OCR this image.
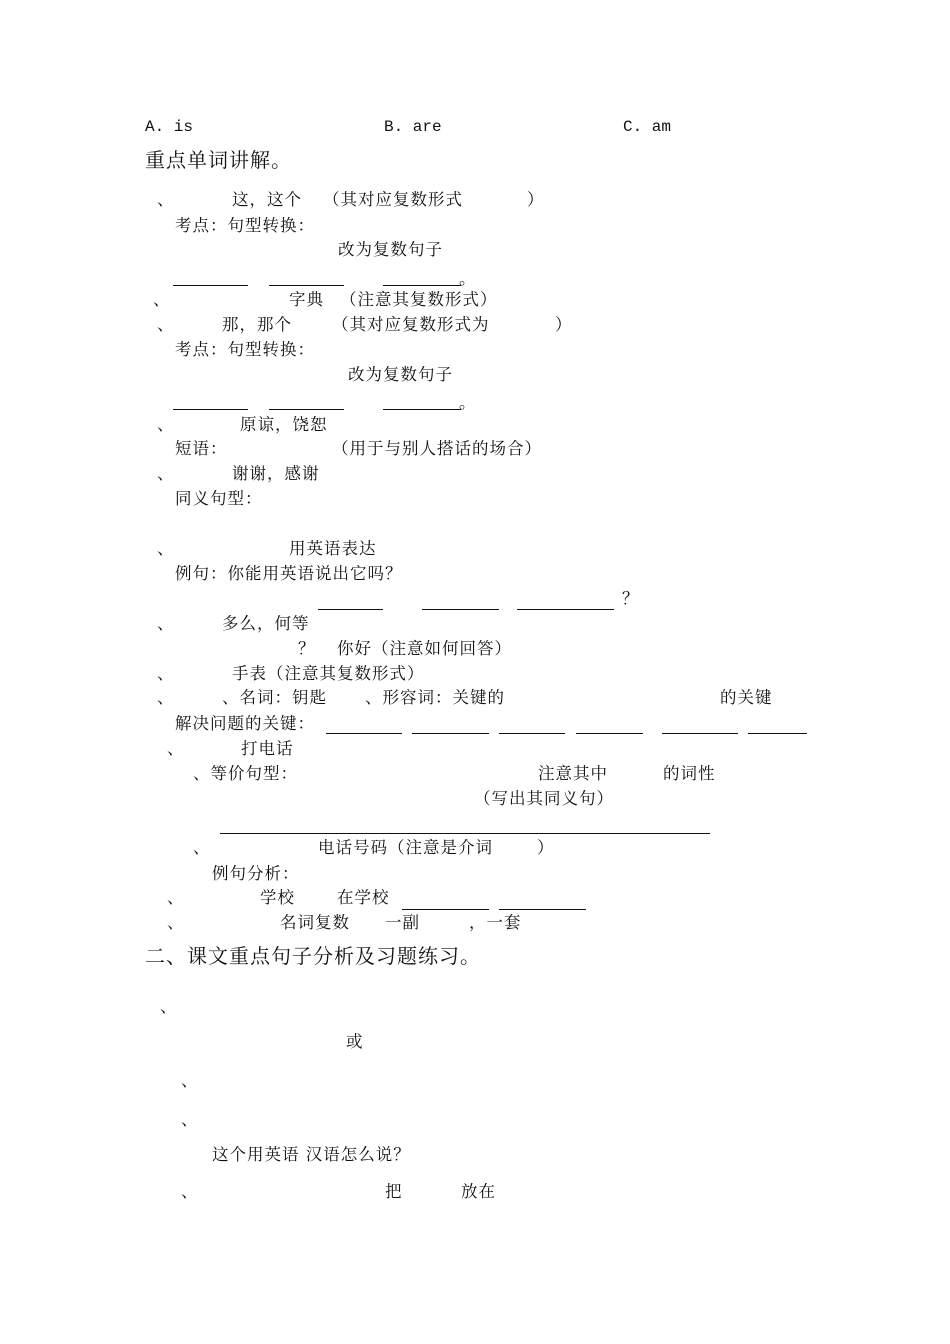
A. is	B. are	C. am
重点单词讲解。
、	这，这个 （其对应复数形式	）
考点：句型转换：
改为复数句子
。
、	字典 （注意其复数形式）
、	那，那个 （其对应复数形式为	）
考点：句型转换：
改为复数句子
。
、	原谅，饶恕
短语：	（用于与别人搭话的场合）
、	谢谢，感谢
同义句型：
、	用英语表达
例句：你能用英语说出它吗？
？
、	多么，何等
？ 你好（注意如何回答）
、	手表（注意其复数形式）
、	、名词：钥匙 、形容词：关键的	的关键
解决问题的关键：
、	打电话
、等价句型：	注意其中	的词性
（写出其同义句）
、	电话号码（注意是介词	）
例句分析：
、	学校	在学校
、	名词复数 一副	，一套
二、课文重点句子分析及习题练习。
、
或
、
、
这个用英语 汉语怎么说？
、	把	放在
